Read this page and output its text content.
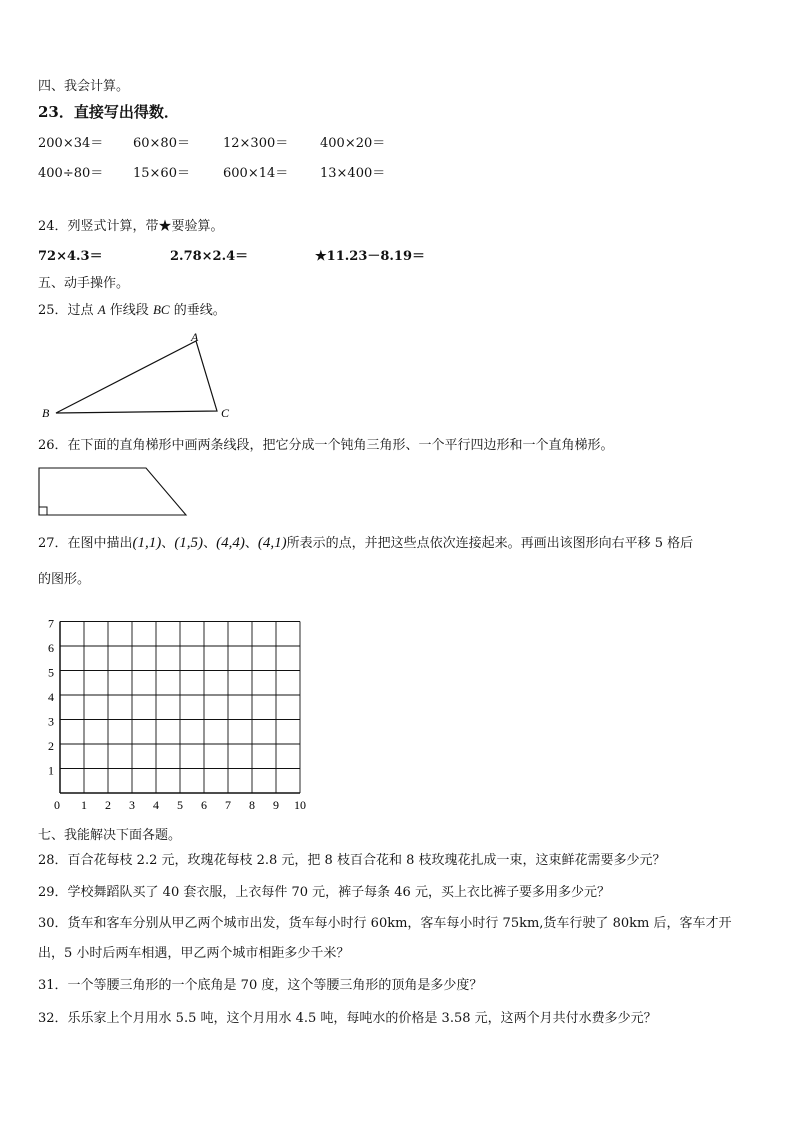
四、我会计算。
23．直接写出得数．
200×34＝ 60×80＝	12×300＝ 400×20＝
400÷80＝ 15×60＝	600×14＝ 13×400＝
24．列竖式计算，带★要验算。
72×4.3＝	2.78×2.4＝	★11.23－8.19＝
五、动手操作。
25．过点 A 作线段 BC 的垂线。
A
B	C
26．在下面的直角梯形中画两条线段，把它分成一个钝角三角形、一个平行四边形和一个直角梯形。
27．在图中描出(1,1)、(1,5)、(4,4)、(4,1)所表示的点，并把这些点依次连接起来。再画出该图形向右平移 5 格后
的图形。
0 1 2 3 4 5 6 7 8 9 10
1
2
3
4
5
6
7
七、我能解决下面各题。
28．百合花每枝 2.2 元，玫瑰花每枝 2.8 元，把 8 枝百合花和 8 枝玫瑰花扎成一束，这束鲜花需要多少元？
29．学校舞蹈队买了 40 套衣服，上衣每件 70 元，裤子每条 46 元，买上衣比裤子要多用多少元？
30．货车和客车分别从甲乙两个城市出发，货车每小时行 60km，客车每小时行 75km,货车行驶了 80km 后，客车才开
出，5 小时后两车相遇，甲乙两个城市相距多少千米？
31．一个等腰三角形的一个底角是 70 度，这个等腰三角形的顶角是多少度？
32．乐乐家上个月用水 5.5 吨，这个月用水 4.5 吨，每吨水的价格是 3.58 元，这两个月共付水费多少元？
